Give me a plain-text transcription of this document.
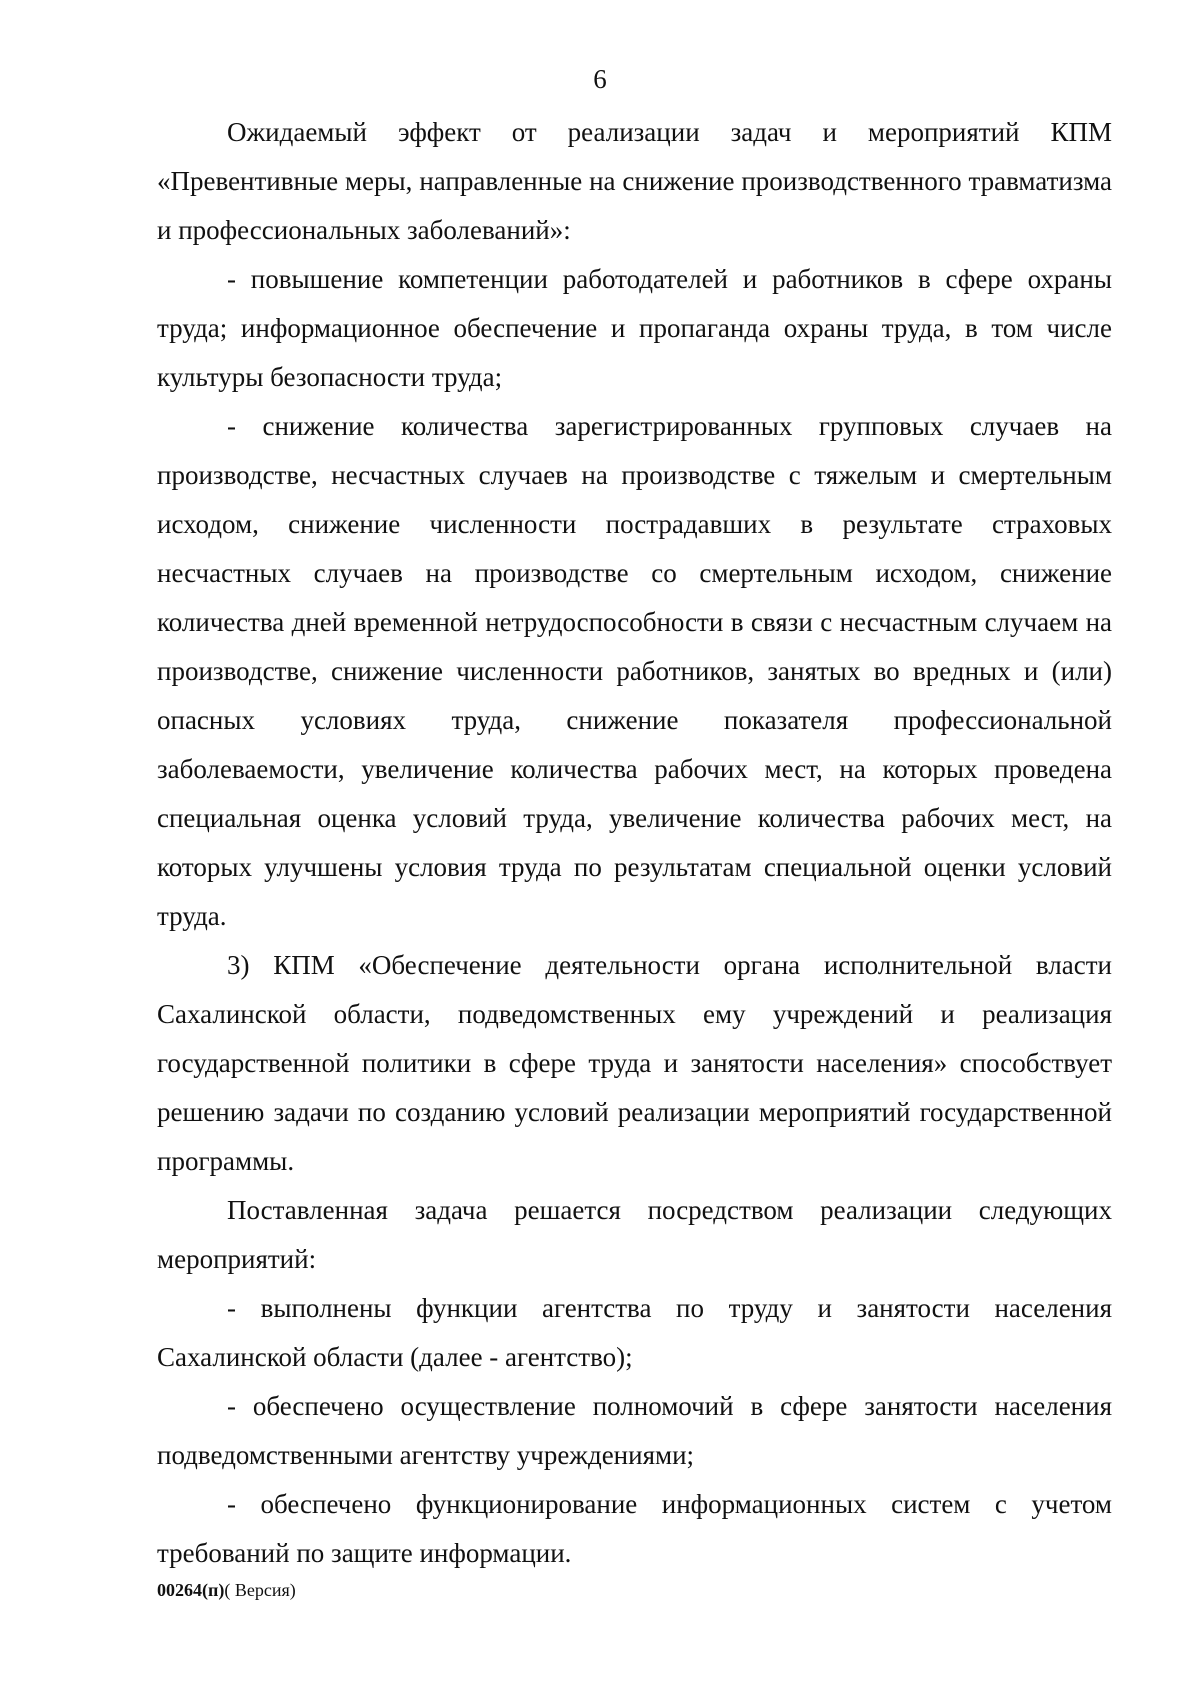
6

Ожидаемый эффект от реализации задач и мероприятий КПМ «Превентивные меры, направленные на снижение производственного травматизма и профессиональных заболеваний»:

- повышение компетенции работодателей и работников в сфере охраны труда; информационное обеспечение и пропаганда охраны труда, в том числе культуры безопасности труда;

- снижение количества зарегистрированных групповых случаев на производстве, несчастных случаев на производстве с тяжелым и смертельным исходом, снижение численности пострадавших в результате страховых несчастных случаев на производстве со смертельным исходом, снижение количества дней временной нетрудоспособности в связи с несчастным случаем на производстве, снижение численности работников, занятых во вредных и (или) опасных условиях труда, снижение показателя профессиональной заболеваемости, увеличение количества рабочих мест, на которых проведена специальная оценка условий труда, увеличение количества рабочих мест, на которых улучшены условия труда по результатам специальной оценки условий труда.

3) КПМ «Обеспечение деятельности органа исполнительной власти Сахалинской области, подведомственных ему учреждений и реализация государственной политики в сфере труда и занятости населения» способствует решению задачи по созданию условий реализации мероприятий государственной программы.

Поставленная задача решается посредством реализации следующих мероприятий:

- выполнены функции агентства по труду и занятости населения Сахалинской области (далее - агентство);

- обеспечено осуществление полномочий в сфере занятости населения подведомственными агентству учреждениями;

- обеспечено функционирование информационных систем с учетом требований по защите информации.

00264(п)( Версия)
